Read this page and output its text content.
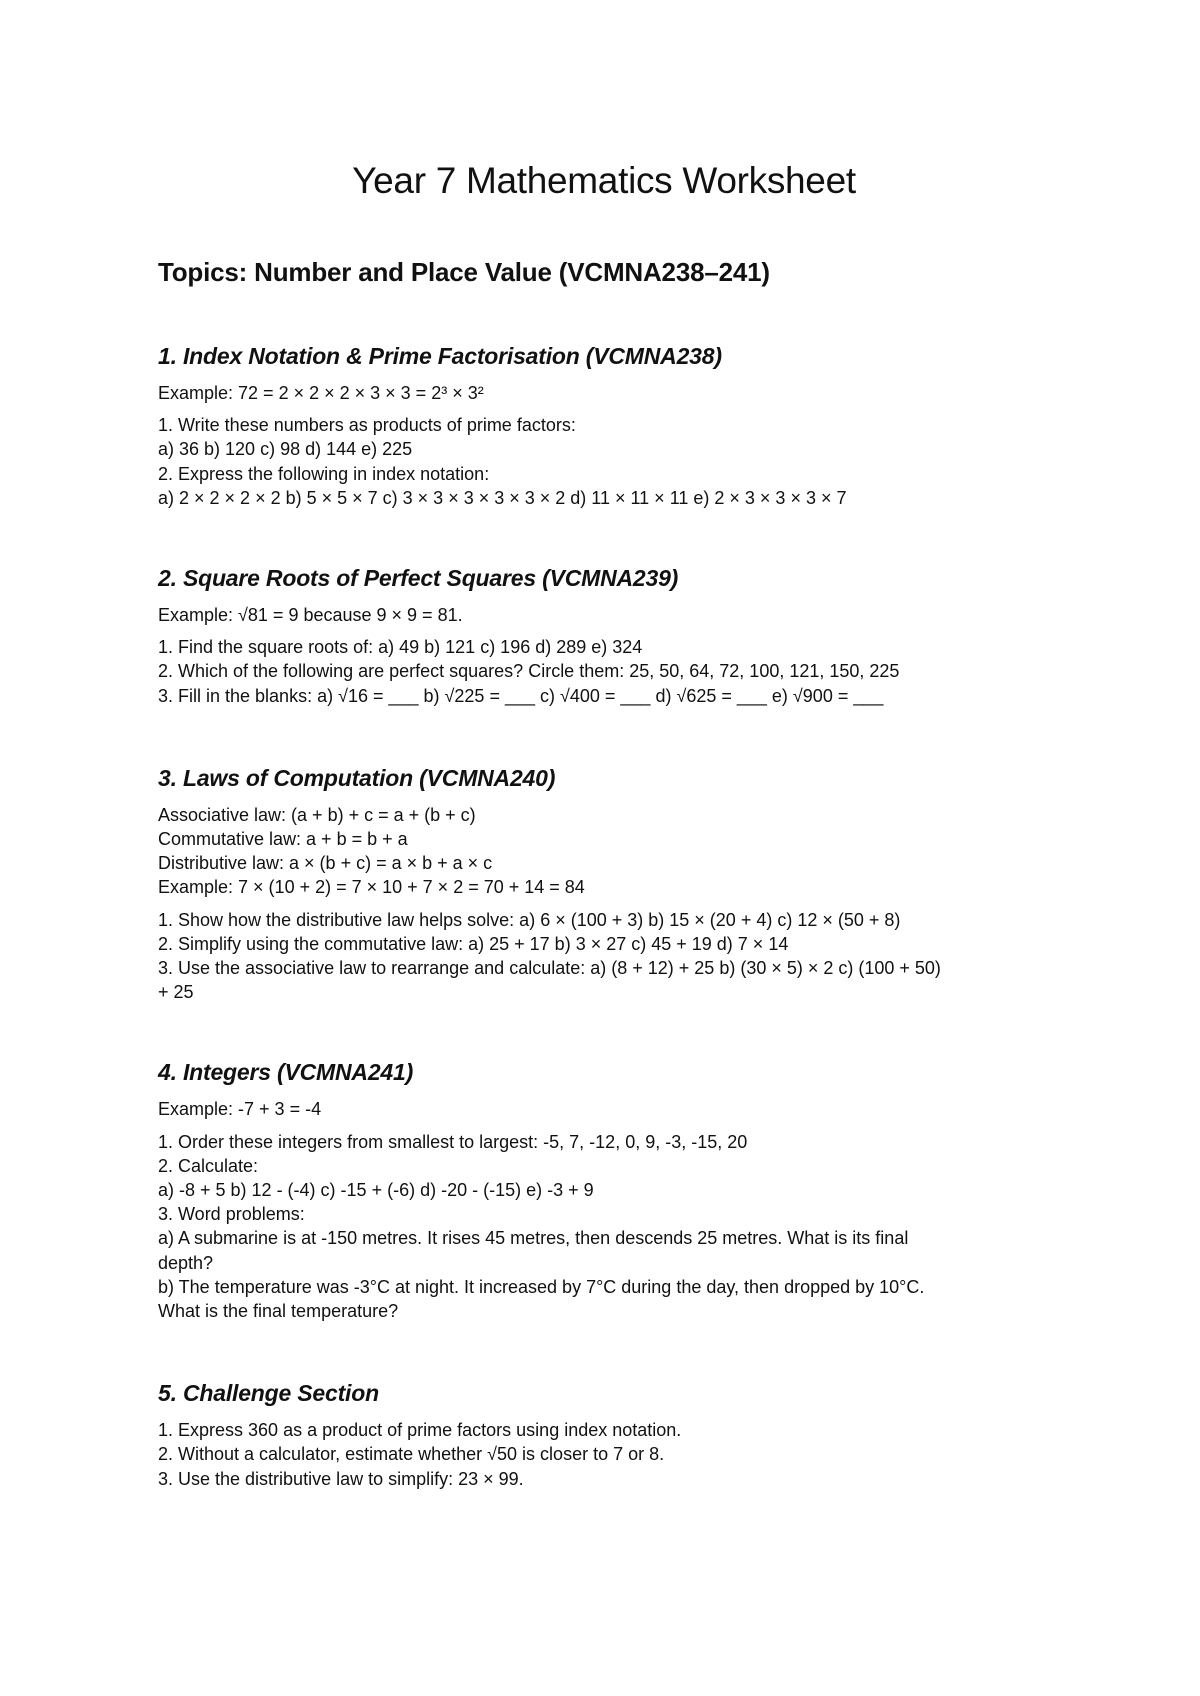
Year 7 Mathematics Worksheet
Topics: Number and Place Value (VCMNA238–241)
1. Index Notation & Prime Factorisation (VCMNA238)

Example: 72 = 2 × 2 × 2 × 3 × 3 = 2³ × 3²

1. Write these numbers as products of prime factors:

a) 36 b) 120 c) 98 d) 144 e) 225

2. Express the following in index notation:

a) 2 × 2 × 2 × 2 b) 5 × 5 × 7 c) 3 × 3 × 3 × 3 × 3 × 2 d) 11 × 11 × 11 e) 2 × 3 × 3 × 3 × 7

2. Square Roots of Perfect Squares (VCMNA239)

Example: √81 = 9 because 9 × 9 = 81.

1. Find the square roots of: a) 49 b) 121 c) 196 d) 289 e) 324

2. Which of the following are perfect squares? Circle them: 25, 50, 64, 72, 100, 121, 150, 225

3. Fill in the blanks: a) √16 = ___ b) √225 = ___ c) √400 = ___ d) √625 = ___ e) √900 = ___

3. Laws of Computation (VCMNA240)

Associative law: (a + b) + c = a + (b + c)

Commutative law: a + b = b + a

Distributive law: a × (b + c) = a × b + a × c

Example: 7 × (10 + 2) = 7 × 10 + 7 × 2 = 70 + 14 = 84

1. Show how the distributive law helps solve: a) 6 × (100 + 3) b) 15 × (20 + 4) c) 12 × (50 + 8)

2. Simplify using the commutative law: a) 25 + 17 b) 3 × 27 c) 45 + 19 d) 7 × 14

3. Use the associative law to rearrange and calculate: a) (8 + 12) + 25 b) (30 × 5) × 2 c) (100 + 50)

+ 25

4. Integers (VCMNA241)

Example: -7 + 3 = -4

1. Order these integers from smallest to largest: -5, 7, -12, 0, 9, -3, -15, 20

2. Calculate:

a) -8 + 5 b) 12 - (-4) c) -15 + (-6) d) -20 - (-15) e) -3 + 9

3. Word problems:

a) A submarine is at -150 metres. It rises 45 metres, then descends 25 metres. What is its final

depth?

b) The temperature was -3°C at night. It increased by 7°C during the day, then dropped by 10°C.

What is the final temperature?

5. Challenge Section

1. Express 360 as a product of prime factors using index notation.

2. Without a calculator, estimate whether √50 is closer to 7 or 8.

3. Use the distributive law to simplify: 23 × 99.
